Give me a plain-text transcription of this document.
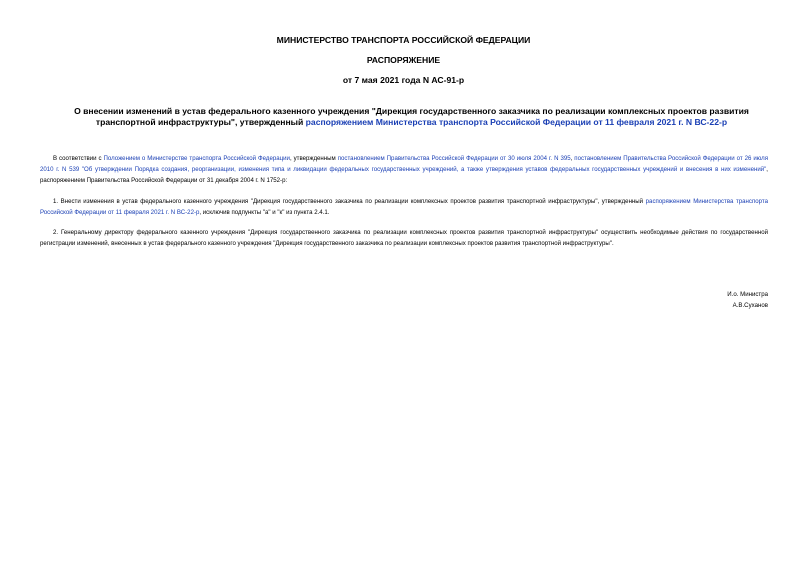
МИНИСТЕРСТВО ТРАНСПОРТА РОССИЙСКОЙ ФЕДЕРАЦИИ
РАСПОРЯЖЕНИЕ
от 7 мая 2021 года N АС-91-р
О внесении изменений в устав федерального казенного учреждения "Дирекция государственного заказчика по реализации комплексных проектов развития транспортной инфраструктуры", утвержденный распоряжением Министерства транспорта Российской Федерации от 11 февраля 2021 г. N ВС-22-р
В соответствии с Положением о Министерстве транспорта Российской Федерации, утвержденным постановлением Правительства Российской Федерации от 30 июля 2004 г. N 395, постановлением Правительства Российской Федерации от 26 июля 2010 г. N 539 "Об утверждении Порядка создания, реорганизации, изменения типа и ликвидации федеральных государственных учреждений, а также утверждения уставов федеральных государственных учреждений и внесения в них изменений", распоряжением Правительства Российской Федерации от 31 декабря 2004 г. N 1752-р:
1. Внести изменения в устав федерального казенного учреждения "Дирекция государственного заказчика по реализации комплексных проектов развития транспортной инфраструктуры", утвержденный распоряжением Министерства транспорта Российской Федерации от 11 февраля 2021 г. N ВС-22-р, исключив подпункты "а" и "к" из пункта 2.4.1.
2. Генеральному директору федерального казенного учреждения "Дирекция государственного заказчика по реализации комплексных проектов развития транспортной инфраструктуры" осуществить необходимые действия по государственной регистрации изменений, внесенных в устав федерального казенного учреждения "Дирекция государственного заказчика по реализации комплексных проектов развития транспортной инфраструктуры".
И.о. Министра
А.В.Суханов
